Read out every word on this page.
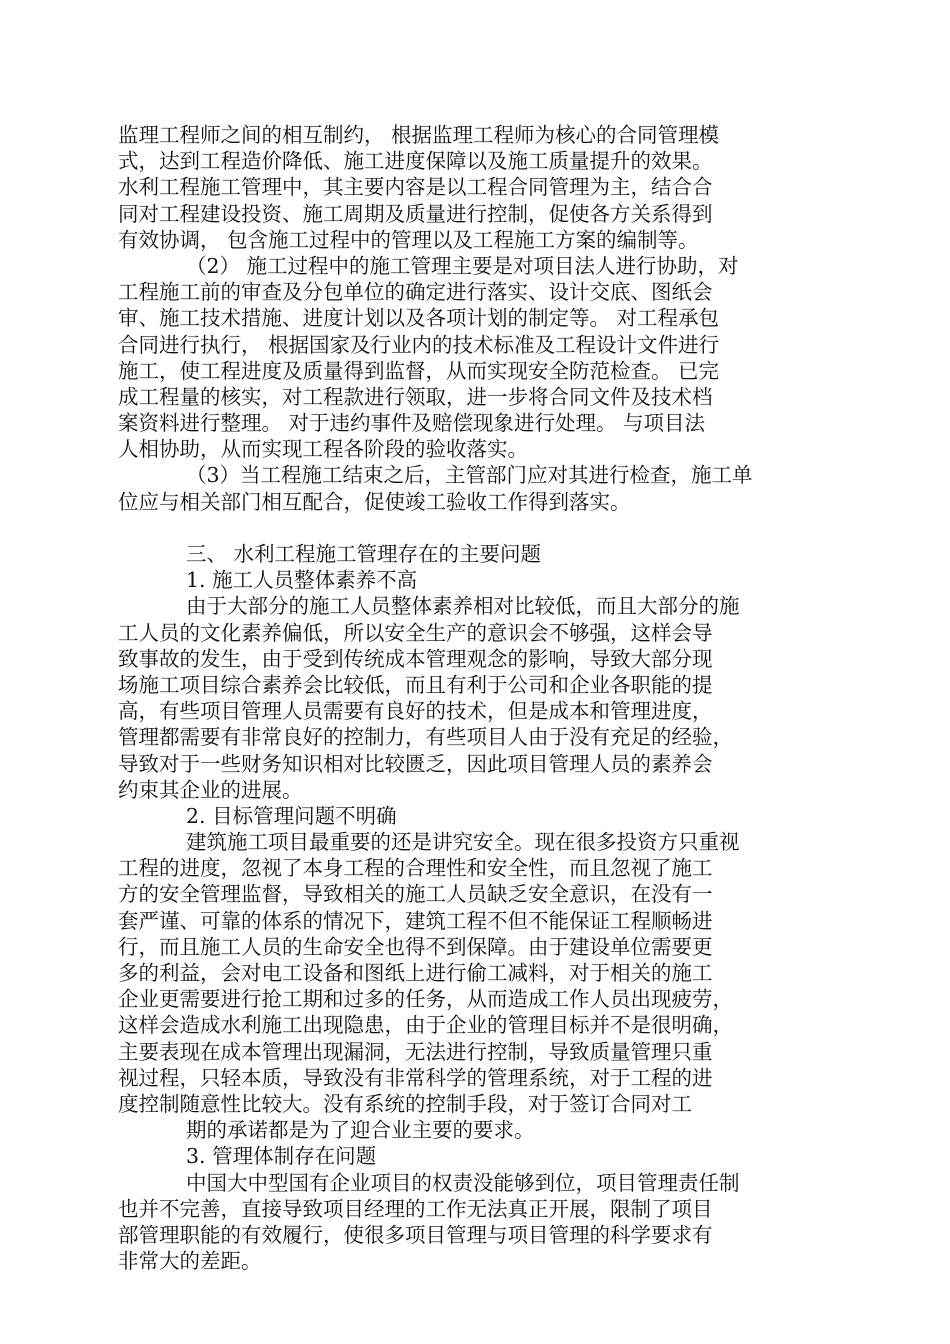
监理工程师之间的相互制约， 根据监理工程师为核心的合同管理模
式，达到工程造价降低、施工进度保障以及施工质量提升的效果。
水利工程施工管理中，其主要内容是以工程合同管理为主，结合合
同对工程建设投资、施工周期及质量进行控制，促使各方关系得到
有效协调， 包含施工过程中的管理以及工程施工方案的编制等。
（2） 施工过程中的施工管理主要是对项目法人进行协助，对
工程施工前的审查及分包单位的确定进行落实、设计交底、图纸会
审、施工技术措施、进度计划以及各项计划的制定等。 对工程承包
合同进行执行， 根据国家及行业内的技术标准及工程设计文件进行
施工，使工程进度及质量得到监督，从而实现安全防范检查。 已完
成工程量的核实，对工程款进行领取，进一步将合同文件及技术档
案资料进行整理。 对于违约事件及赔偿现象进行处理。 与项目法
人相协助，从而实现工程各阶段的验收落实。
（3）当工程施工结束之后，主管部门应对其进行检查，施工单
位应与相关部门相互配合，促使竣工验收工作得到落实。
三、 水利工程施工管理存在的主要问题
1. 施工人员整体素养不高
由于大部分的施工人员整体素养相对比较低，而且大部分的施
工人员的文化素养偏低，所以安全生产的意识会不够强，这样会导
致事故的发生，由于受到传统成本管理观念的影响，导致大部分现
场施工项目综合素养会比较低，而且有利于公司和企业各职能的提
高，有些项目管理人员需要有良好的技术，但是成本和管理进度，
管理都需要有非常良好的控制力，有些项目人由于没有充足的经验，
导致对于一些财务知识相对比较匮乏，因此项目管理人员的素养会
约束其企业的进展。
2. 目标管理问题不明确
建筑施工项目最重要的还是讲究安全。现在很多投资方只重视
工程的进度，忽视了本身工程的合理性和安全性，而且忽视了施工
方的安全管理监督，导致相关的施工人员缺乏安全意识，在没有一
套严谨、可靠的体系的情况下，建筑工程不但不能保证工程顺畅进
行，而且施工人员的生命安全也得不到保障。由于建设单位需要更
多的利益，会对电工设备和图纸上进行偷工减料，对于相关的施工
企业更需要进行抢工期和过多的任务，从而造成工作人员出现疲劳，
这样会造成水利施工出现隐患，由于企业的管理目标并不是很明确，
主要表现在成本管理出现漏洞，无法进行控制，导致质量管理只重
视过程，只轻本质，导致没有非常科学的管理系统，对于工程的进
度控制随意性比较大。没有系统的控制手段，对于签订合同对工
期的承诺都是为了迎合业主要的要求。
3. 管理体制存在问题
中国大中型国有企业项目的权责没能够到位，项目管理责任制
也并不完善，直接导致项目经理的工作无法真正开展，限制了项目
部管理职能的有效履行，使很多项目管理与项目管理的科学要求有
非常大的差距。
